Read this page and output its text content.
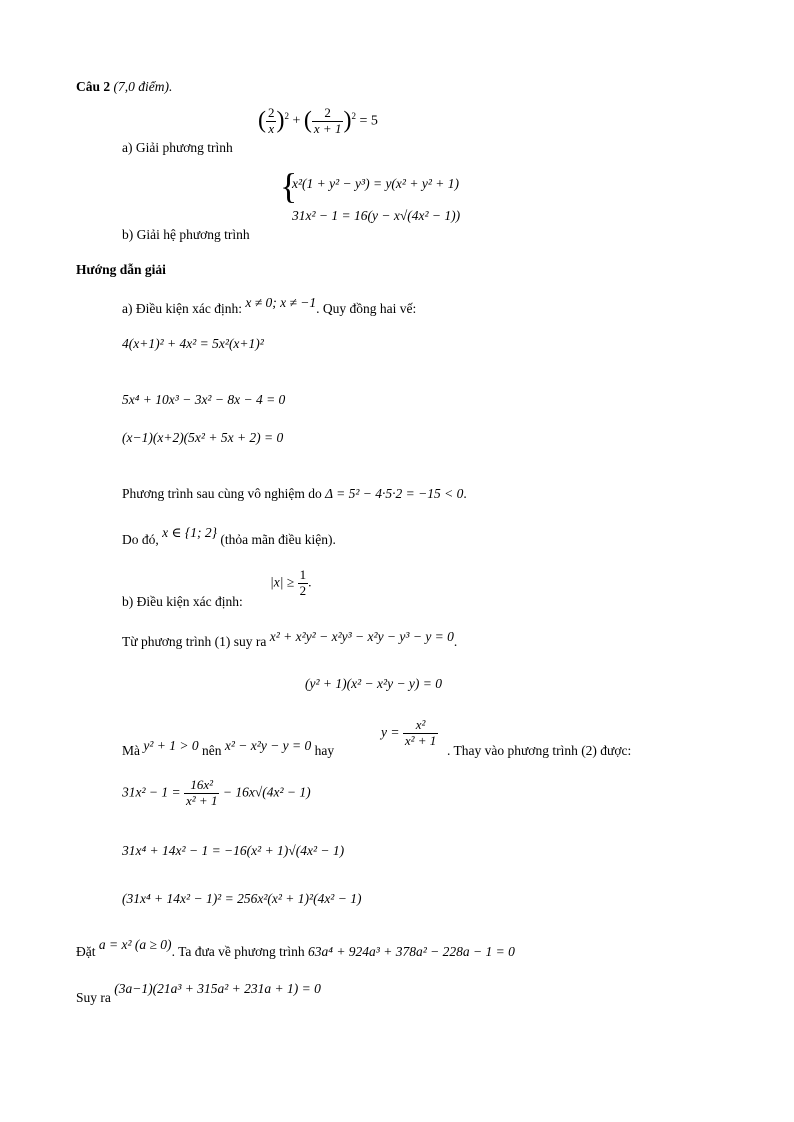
Câu 2 (7,0 điểm).
a) Giải phương trình
( $\frac{2}{x} )^2$ + ( $\frac{2}{x + 1} )^2 = 5$
b) Giải hệ phương trình
{
x²(1 + y² − y³) = y(x² + y² + 1)
31x² − 1 = 16(y − x√(4x² − 1))
Hướng dẫn giải
a) Điều kiện xác định: x ≠ 0; x ≠ −1. Quy đồng hai vế:
4(x+1)² + 4x² = 5x²(x+1)²
5x⁴ + 10x³ − 3x² − 8x − 4 = 0
(x−1)(x+2)(5x² + 5x + 2) = 0
Phương trình sau cùng vô nghiệm do Δ = 5² − 4·5·2 = −15 < 0.
Do đó, x ∈ {1; 2} (thỏa mãn điều kiện).
b) Điều kiện xác định:
$|x| \ge \frac{1}{2}$ .
Từ phương trình (1) suy ra x² + x²y² − x²y³ − x²y − y³ − y = 0.
(y² + 1)(x² − x²y − y) = 0
Mà y² + 1 > 0 nên x² − x²y − y = 0 hay
$y = \frac{\text{x²}}{\text{x² + 1}}$
. Thay vào phương trình (2) được:
$31x^2 - 1 = \frac{\text{16x²}}{\text{x² + 1}} - 16x√(4x^2 - 1)$
31x⁴ + 14x² − 1 = −16(x² + 1)√(4x² − 1)
(31x⁴ + 14x² − 1)² = 256x²(x² + 1)²(4x² − 1)
Đặt a = x² (a ≥ 0). Ta đưa về phương trình 63a⁴ + 924a³ + 378a² − 228a − 1 = 0
Suy ra (3a−1)(21a³ + 315a² + 231a + 1) = 0
